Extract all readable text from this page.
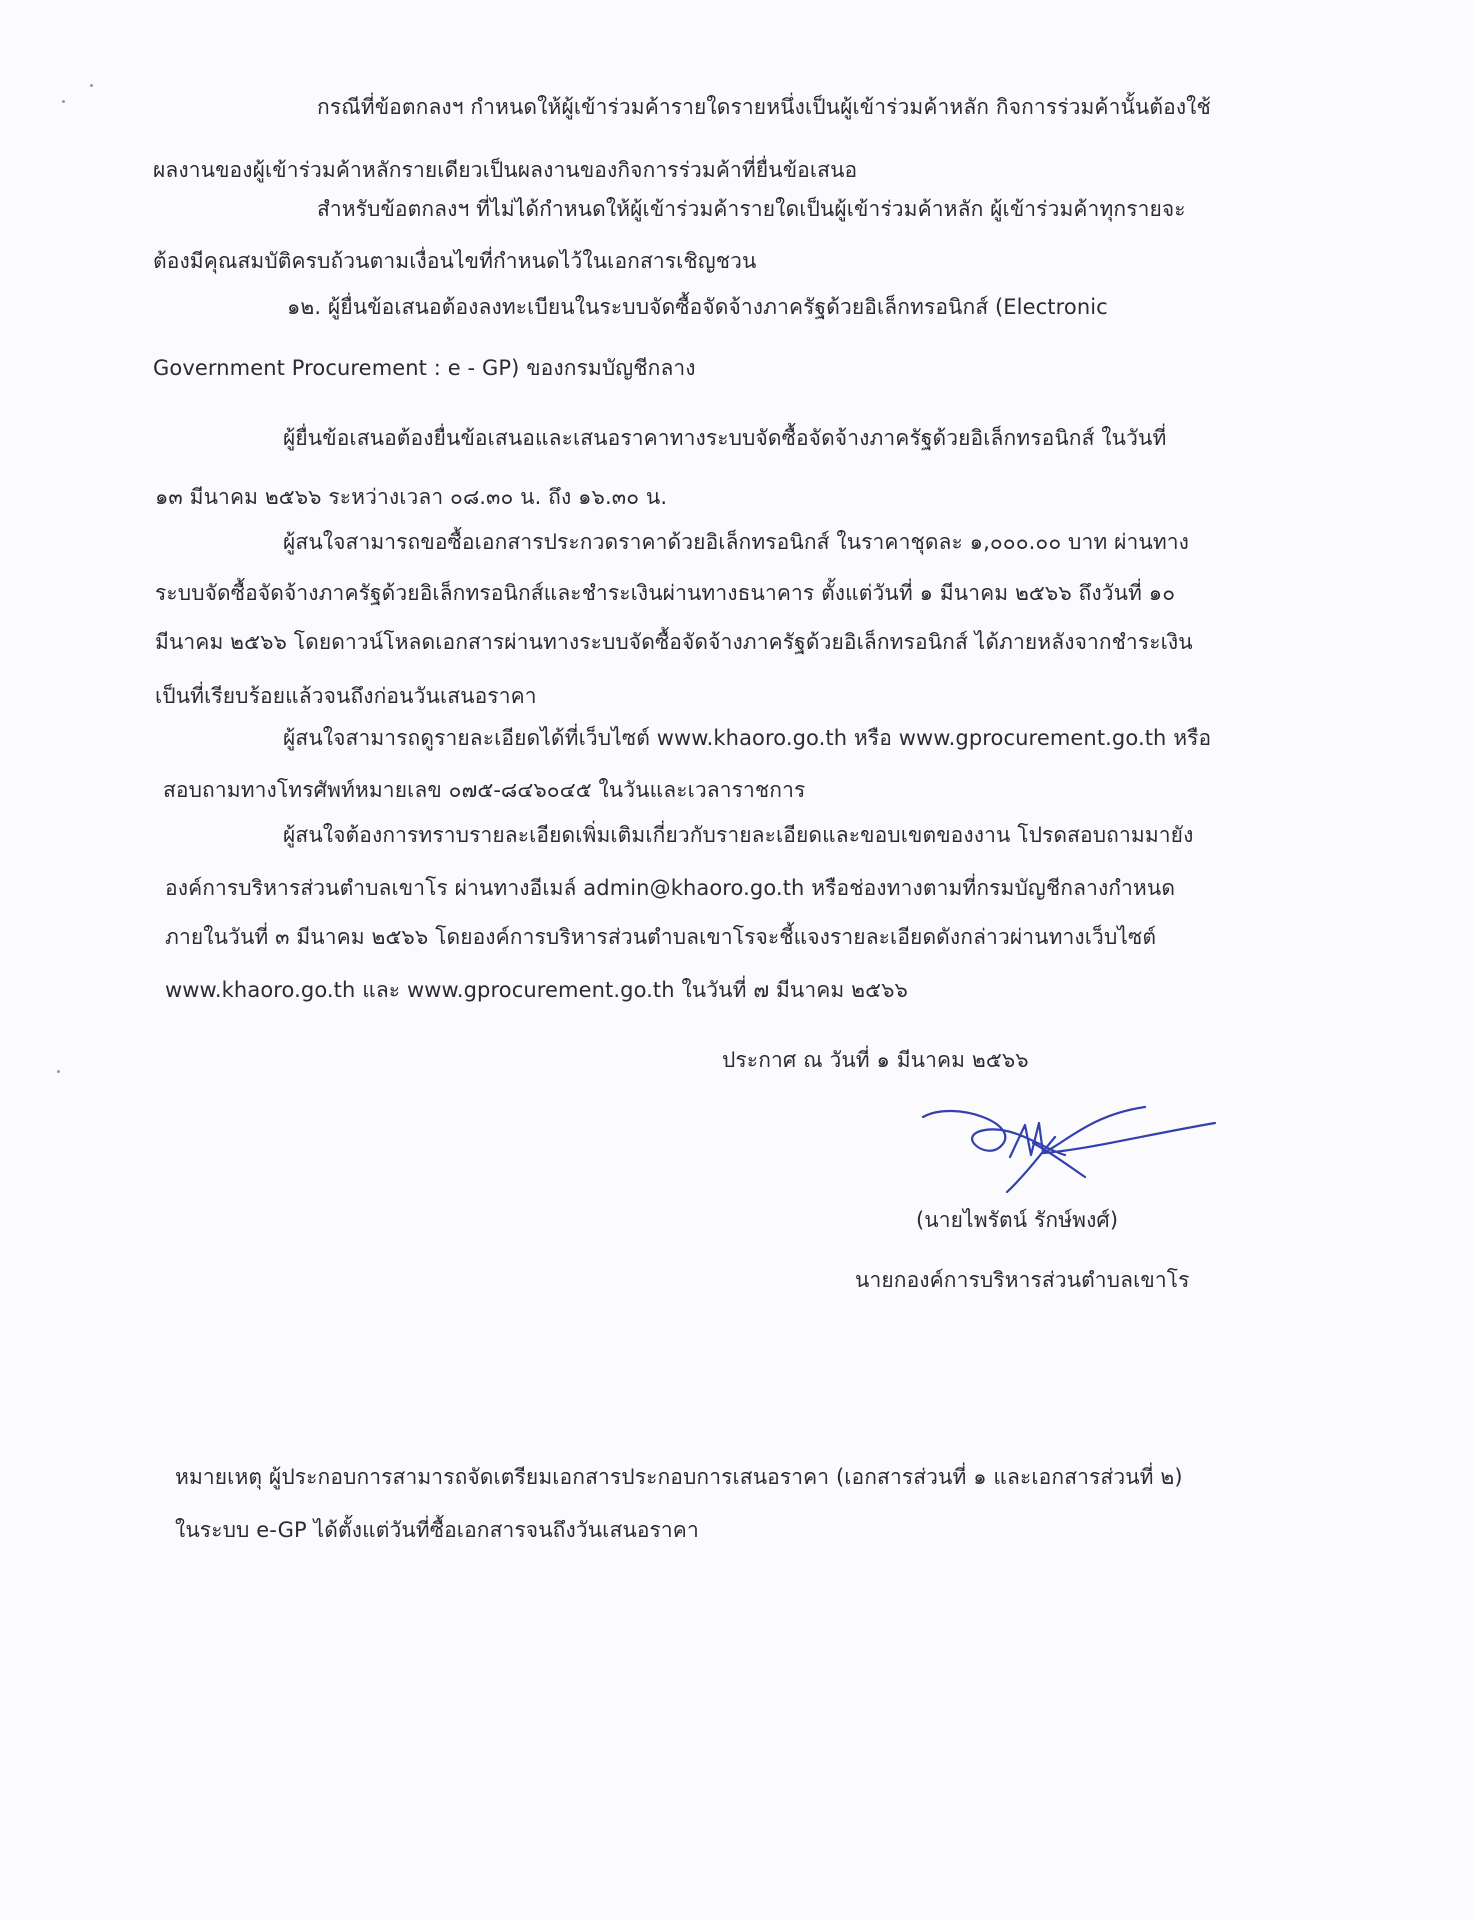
กรณีที่ข้อตกลงฯ กำหนดให้ผู้เข้าร่วมค้ารายใดรายหนึ่งเป็นผู้เข้าร่วมค้าหลัก กิจการร่วมค้านั้นต้องใช้
ผลงานของผู้เข้าร่วมค้าหลักรายเดียวเป็นผลงานของกิจการร่วมค้าที่ยื่นข้อเสนอ
สำหรับข้อตกลงฯ ที่ไม่ได้กำหนดให้ผู้เข้าร่วมค้ารายใดเป็นผู้เข้าร่วมค้าหลัก ผู้เข้าร่วมค้าทุกรายจะ
ต้องมีคุณสมบัติครบถ้วนตามเงื่อนไขที่กำหนดไว้ในเอกสารเชิญชวน
๑๒. ผู้ยื่นข้อเสนอต้องลงทะเบียนในระบบจัดซื้อจัดจ้างภาครัฐด้วยอิเล็กทรอนิกส์ (Electronic
Government Procurement : e - GP) ของกรมบัญชีกลาง
ผู้ยื่นข้อเสนอต้องยื่นข้อเสนอและเสนอราคาทางระบบจัดซื้อจัดจ้างภาครัฐด้วยอิเล็กทรอนิกส์ ในวันที่
๑๓ มีนาคม ๒๕๖๖ ระหว่างเวลา ๐๘.๓๐ น. ถึง ๑๖.๓๐ น.
ผู้สนใจสามารถขอซื้อเอกสารประกวดราคาด้วยอิเล็กทรอนิกส์ ในราคาชุดละ ๑,๐๐๐.๐๐ บาท ผ่านทาง
ระบบจัดซื้อจัดจ้างภาครัฐด้วยอิเล็กทรอนิกส์และชำระเงินผ่านทางธนาคาร ตั้งแต่วันที่ ๑ มีนาคม ๒๕๖๖ ถึงวันที่ ๑๐
มีนาคม ๒๕๖๖ โดยดาวน์โหลดเอกสารผ่านทางระบบจัดซื้อจัดจ้างภาครัฐด้วยอิเล็กทรอนิกส์ ได้ภายหลังจากชำระเงิน
เป็นที่เรียบร้อยแล้วจนถึงก่อนวันเสนอราคา
ผู้สนใจสามารถดูรายละเอียดได้ที่เว็บไซต์ www.khaoro.go.th หรือ www.gprocurement.go.th หรือ
สอบถามทางโทรศัพท์หมายเลข ๐๗๕-๘๔๖๐๔๕ ในวันและเวลาราชการ
ผู้สนใจต้องการทราบรายละเอียดเพิ่มเติมเกี่ยวกับรายละเอียดและขอบเขตของงาน โปรดสอบถามมายัง
องค์การบริหารส่วนตำบลเขาโร ผ่านทางอีเมล์ admin@khaoro.go.th หรือช่องทางตามที่กรมบัญชีกลางกำหนด
ภายในวันที่ ๓ มีนาคม ๒๕๖๖ โดยองค์การบริหารส่วนตำบลเขาโรจะชี้แจงรายละเอียดดังกล่าวผ่านทางเว็บไซต์
www.khaoro.go.th และ www.gprocurement.go.th ในวันที่ ๗ มีนาคม ๒๕๖๖
ประกาศ ณ วันที่ ๑ มีนาคม ๒๕๖๖
(นายไพรัตน์ รักษ์พงศ์)
นายกองค์การบริหารส่วนตำบลเขาโร
หมายเหตุ ผู้ประกอบการสามารถจัดเตรียมเอกสารประกอบการเสนอราคา (เอกสารส่วนที่ ๑ และเอกสารส่วนที่ ๒)
ในระบบ e-GP ได้ตั้งแต่วันที่ซื้อเอกสารจนถึงวันเสนอราคา
